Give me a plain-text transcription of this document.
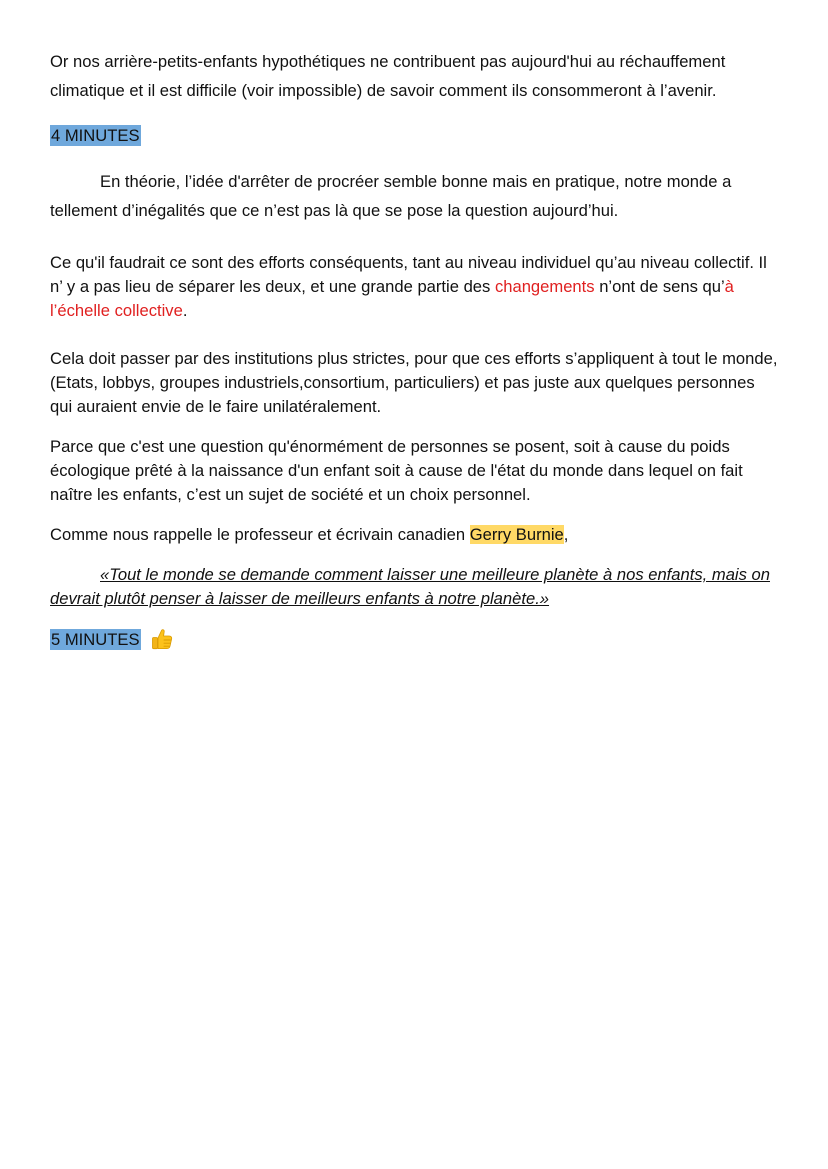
Or nos arrière-petits-enfants hypothétiques ne contribuent pas aujourd'hui au réchauffement climatique et il est difficile (voir impossible) de savoir comment ils consommeront à l’avenir.

4 MINUTES

En théorie, l’idée d'arrêter de procréer semble bonne mais en pratique, notre monde a tellement d’inégalités que ce n’est pas là que se pose la question aujourd’hui.

Ce qu'il faudrait ce sont des efforts conséquents, tant au niveau individuel qu’au niveau collectif. Il n’ y a pas lieu de séparer les deux, et une grande partie des changements n’ont de sens qu’à l’échelle collective.

Cela doit passer par des institutions plus strictes, pour que ces efforts s’appliquent à tout le monde, (Etats, lobbys, groupes industriels,consortium, particuliers) et pas juste aux quelques personnes qui auraient envie de le faire unilatéralement.

Parce que c'est une question qu'énormément de personnes se posent, soit à cause du poids écologique prêté à la naissance d'un enfant soit à cause de l'état du monde dans lequel on fait naître les enfants, c’est un sujet de société et un choix personnel.

Comme nous rappelle le professeur et écrivain canadien Gerry Burnie,

«Tout le monde se demande comment laisser une meilleure planète à nos enfants, mais on devrait plutôt penser à laisser de meilleurs enfants à notre planète.»

5 MINUTES
